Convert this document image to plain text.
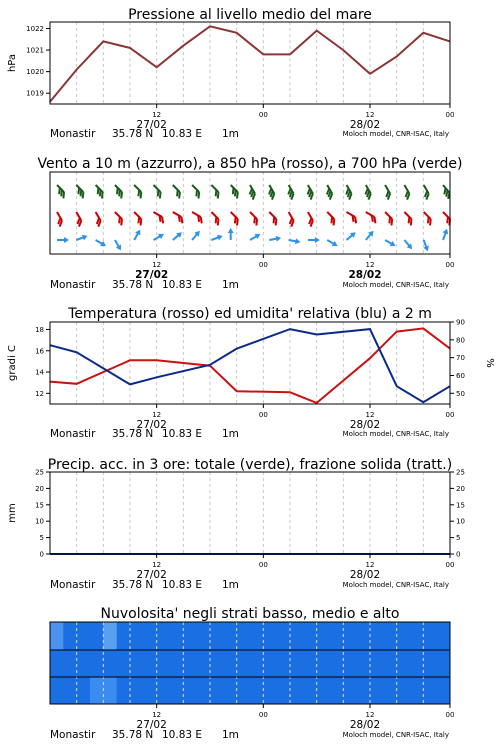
Pressione al livello medio del mare
1019
1020
1021
1022
hPa
12	00	12	00
27/02	28/02
Monastir 35.78 N 10.83 E 1m	Moloch model, CNR-ISAC, Italy
Vento a 10 m (azzurro), a 850 hPa (rosso), a 700 hPa (verde)
12	00	12	00
27/02	28/02
Monastir 35.78 N 10.83 E 1m	Moloch model, CNR-ISAC, Italy
Temperatura (rosso) ed umidita' relativa (blu) a 2 m
12
14
16
18
50
60
70
80
90
gradi C	%
12	00	12	00
27/02	28/02
Monastir 35.78 N 10.83 E 1m	Moloch model, CNR-ISAC, Italy
Precip. acc. in 3 ore: totale (verde), frazione solida (tratt.)
0
5
10
15
20
25
0
5
10
15
20
25
mm
12	00	12	00
27/02	28/02
Monastir 35.78 N 10.83 E 1m	Moloch model, CNR-ISAC, Italy
Nuvolosita' negli strati basso, medio e alto
12	00	12	00
27/02	28/02
Monastir 35.78 N 10.83 E 1m	Moloch model, CNR-ISAC, Italy
